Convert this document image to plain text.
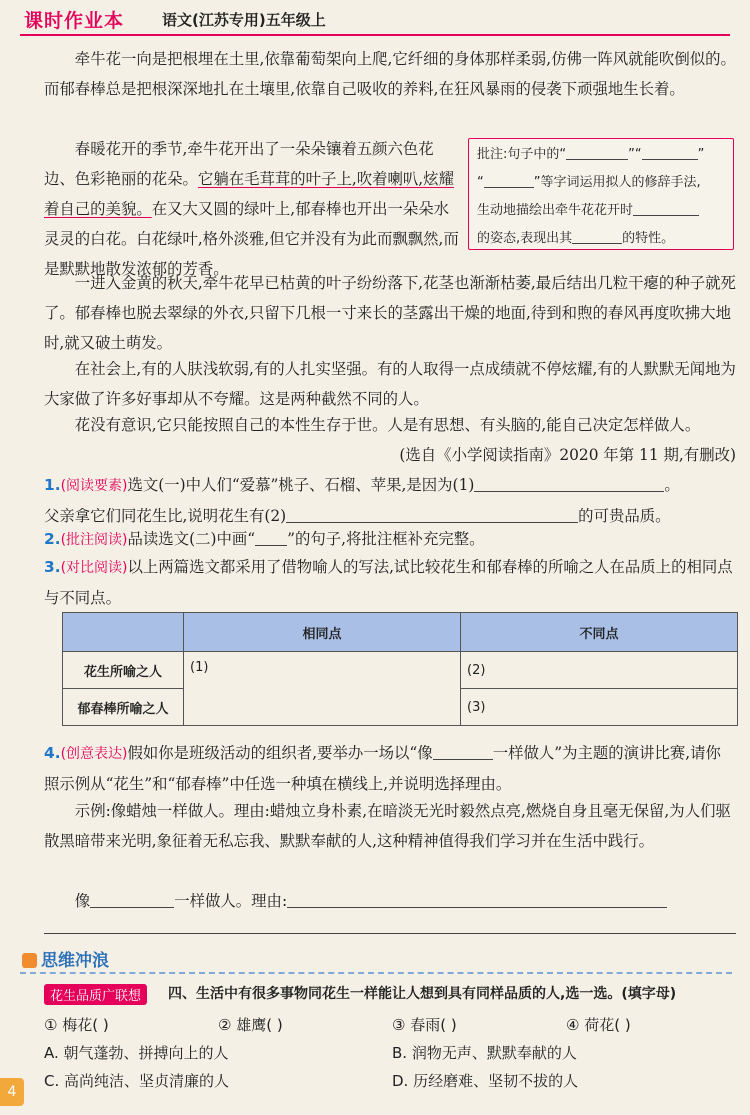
课时作业本	语文(江苏专用)五年级上

牵牛花一向是把根埋在土里,依靠葡萄架向上爬,它纤细的身体那样柔弱,仿佛一阵风就能吹倒似的。而郁春棒总是把根深深地扎在土壤里,依靠自己吸收的养料,在狂风暴雨的侵袭下顽强地生长着。

春暖花开的季节,牵牛花开出了一朵朵镶着五颜六色花边、色彩艳丽的花朵。它躺在毛茸茸的叶子上,吹着喇叭,炫耀着自己的美貌。在又大又圆的绿叶上,郁春棒也开出一朵朵水灵灵的白花。白花绿叶,格外淡雅,但它并没有为此而飘飘然,而是默默地散发浓郁的芳香。

批注:句子中的“	”“	”
“	”等字词运用拟人的修辞手法,
生动地描绘出牵牛花花开时
的姿态,表现出其	的特性。

一进入金黄的秋天,牵牛花早已枯黄的叶子纷纷落下,花茎也渐渐枯萎,最后结出几粒干瘪的种子就死了。郁春棒也脱去翠绿的外衣,只留下几根一寸来长的茎露出干燥的地面,待到和煦的春风再度吹拂大地时,就又破土萌发。

在社会上,有的人肤浅软弱,有的人扎实坚强。有的人取得一点成绩就不停炫耀,有的人默默无闻地为大家做了许多好事却从不夸耀。这是两种截然不同的人。

花没有意识,它只能按照自己的本性生存于世。人是有思想、有头脑的,能自己决定怎样做人。

(选自《小学阅读指南》2020 年第 11 期,有删改)

1.(阅读要素)选文(一)中人们“爱慕”桃子、石榴、苹果,是因为(1)	。
父亲拿它们同花生比,说明花生有(2)	的可贵品质。
2.(批注阅读)品读选文(二)中画“ ”的句子,将批注框补充完整。
3.(对比阅读)以上两篇选文都采用了借物喻人的写法,试比较花生和郁春棒的所喻之人在品质上的相同点与不同点。
	相同点	不同点
花生所喻之人	(1)	(2)
郁春棒所喻之人		(3)
4.(创意表达)假如你是班级活动的组织者,要举办一场以“像	一样做人”为主题的演讲比赛,请你照示例从“花生”和“郁春棒”中任选一种填在横线上,并说明选择理由。
示例:像蜡烛一样做人。理由:蜡烛立身朴素,在暗淡无光时毅然点亮,燃烧自身且毫无保留,为人们驱散黑暗带来光明,象征着无私忘我、默默奉献的人,这种精神值得我们学习并在生活中践行。
像	一样做人。理由:
思维冲浪
花生品质广联想	四、生活中有很多事物同花生一样能让人想到具有同样品质的人,选一选。(填字母)
① 梅花( )	② 雄鹰( )	③ 春雨( )	④ 荷花( )
A. 朝气蓬勃、拼搏向上的人	B. 润物无声、默默奉献的人
C. 高尚纯洁、坚贞清廉的人	D. 历经磨难、坚韧不拔的人
4
